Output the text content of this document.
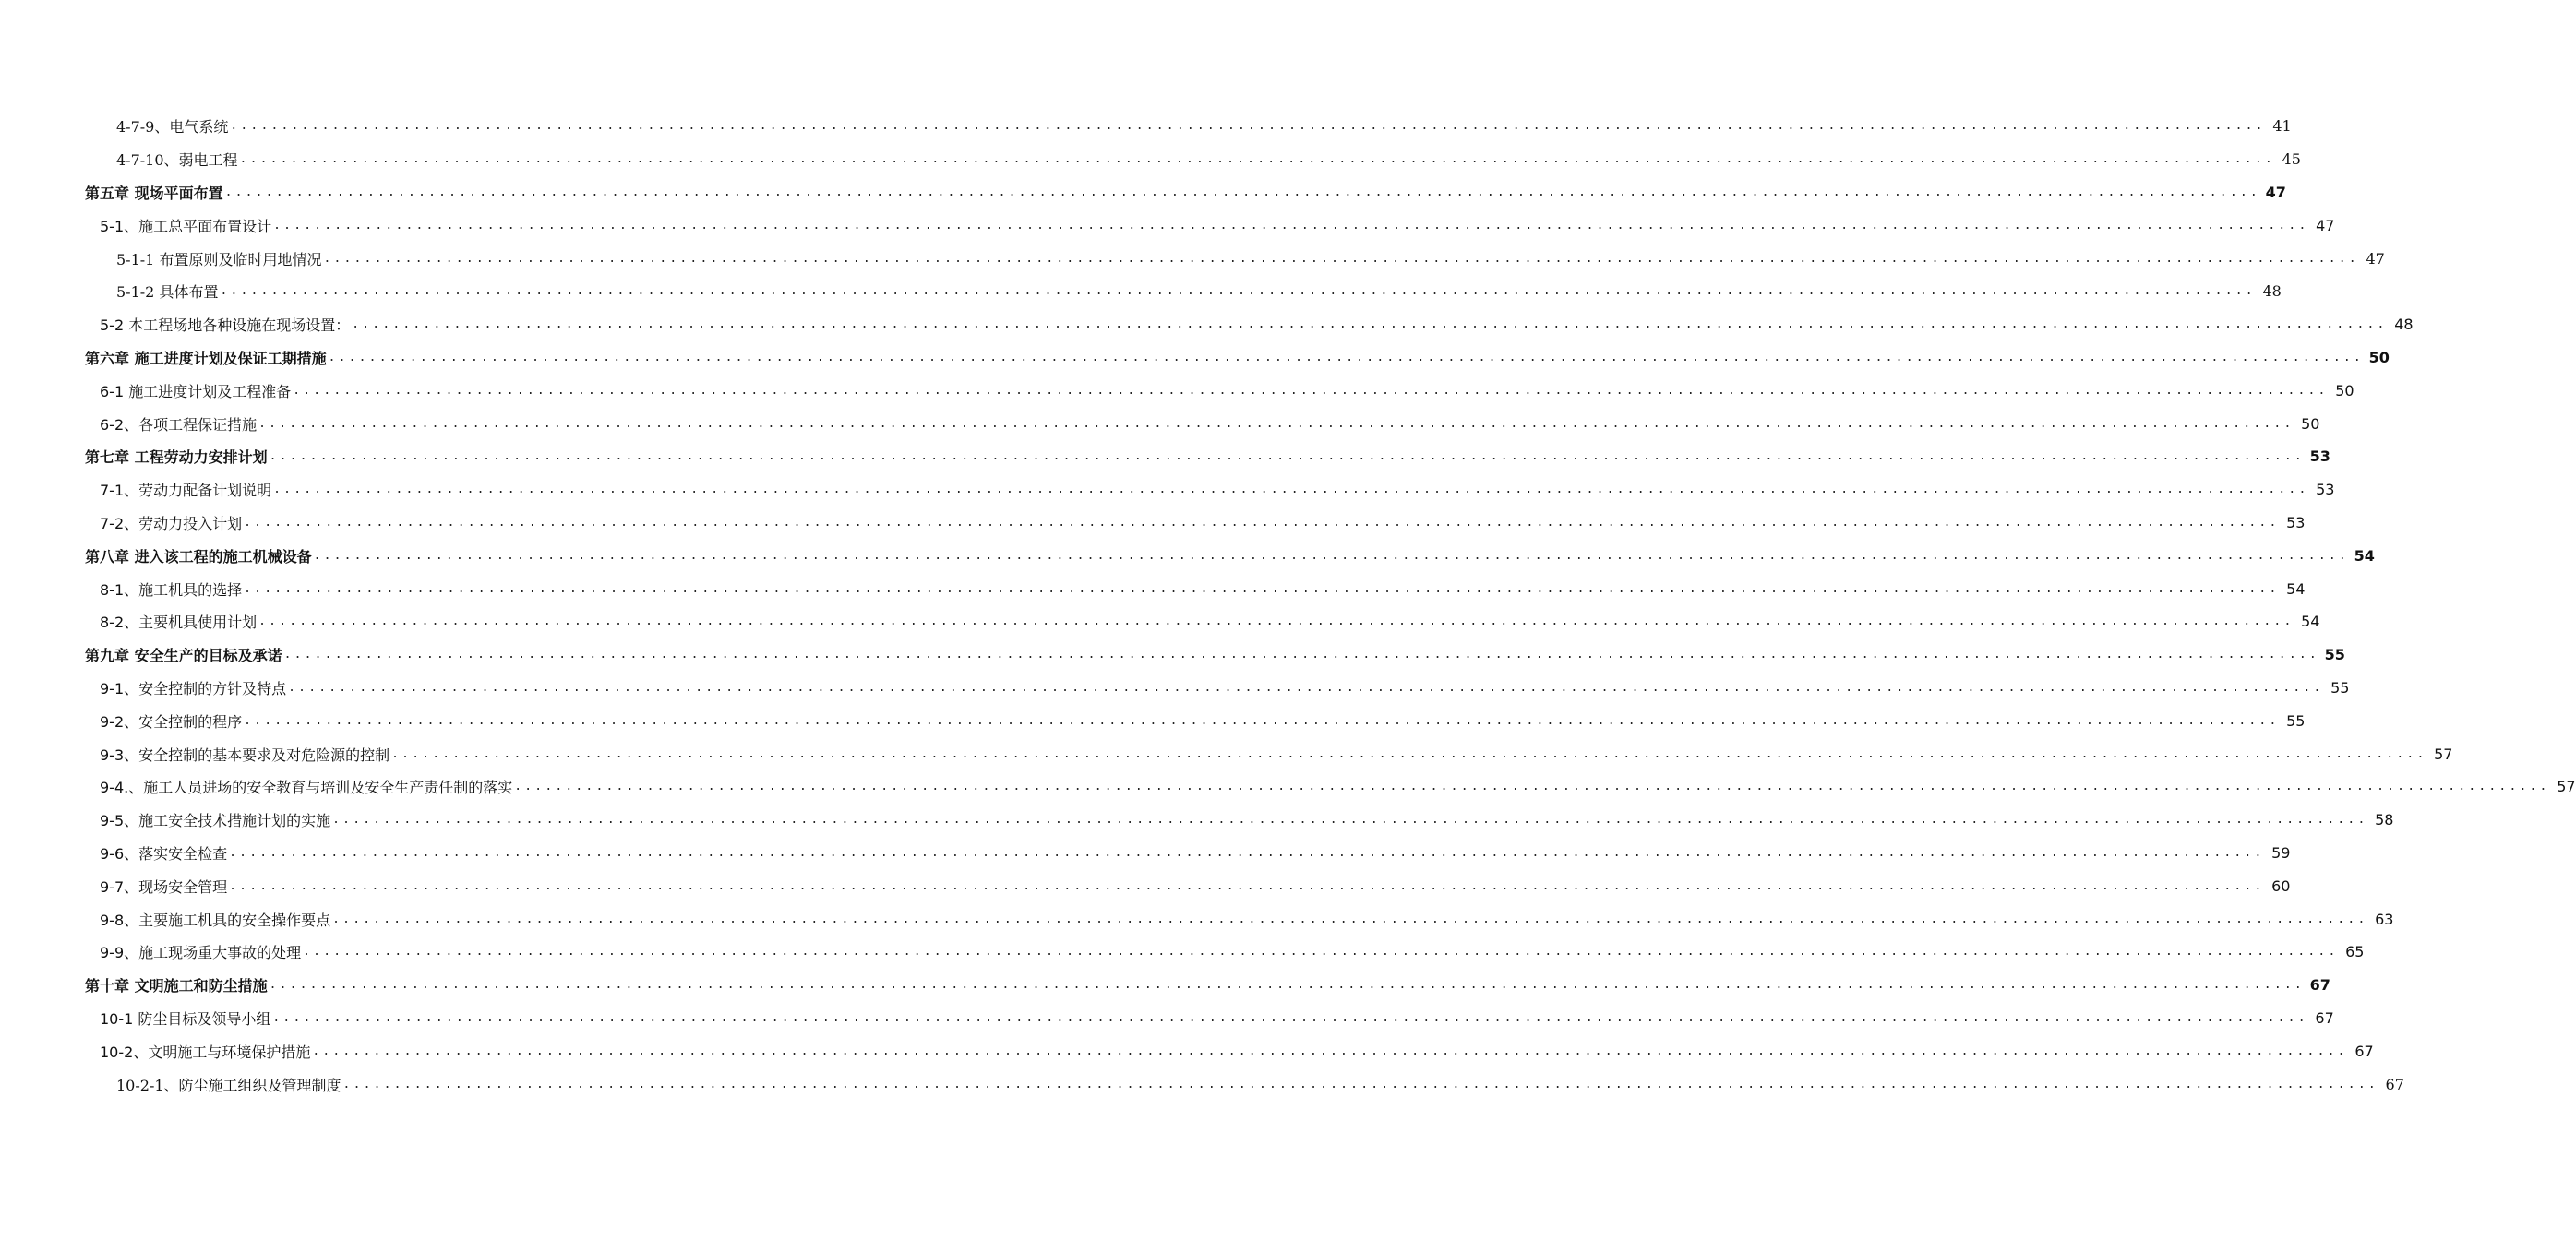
4-7-9、电气系统 ........................................................................................................................................................................................................ 41
4-7-10、弱电工程 ........................................................................................................................................................................................................ 45
第五章 现场平面布置 ........................................................................................................................................................................................................ 47
5-1、施工总平面布置设计 ........................................................................................................................................................................................................ 47
5-1-1 布置原则及临时用地情况 ........................................................................................................................................................................................................ 47
5-1-2 具体布置 ........................................................................................................................................................................................................ 48
5-2 本工程场地各种设施在现场设置： ........................................................................................................................................................................................................ 48
第六章 施工进度计划及保证工期措施 ........................................................................................................................................................................................................ 50
6-1 施工进度计划及工程准备 ........................................................................................................................................................................................................ 50
6-2、各项工程保证措施 ........................................................................................................................................................................................................ 50
第七章 工程劳动力安排计划 ........................................................................................................................................................................................................ 53
7-1、劳动力配备计划说明 ........................................................................................................................................................................................................ 53
7-2、劳动力投入计划 ........................................................................................................................................................................................................ 53
第八章 进入该工程的施工机械设备 ........................................................................................................................................................................................................ 54
8-1、施工机具的选择 ........................................................................................................................................................................................................ 54
8-2、主要机具使用计划 ........................................................................................................................................................................................................ 54
第九章 安全生产的目标及承诺 ........................................................................................................................................................................................................ 55
9-1、安全控制的方针及特点 ........................................................................................................................................................................................................ 55
9-2、安全控制的程序 ........................................................................................................................................................................................................ 55
9-3、安全控制的基本要求及对危险源的控制 ........................................................................................................................................................................................................ 57
9-4.、施工人员进场的安全教育与培训及安全生产责任制的落实 ........................................................................................................................................................................................................ 57
9-5、施工安全技术措施计划的实施 ........................................................................................................................................................................................................ 58
9-6、落实安全检查 ........................................................................................................................................................................................................ 59
9-7、现场安全管理 ........................................................................................................................................................................................................ 60
9-8、主要施工机具的安全操作要点 ........................................................................................................................................................................................................ 63
9-9、施工现场重大事故的处理 ........................................................................................................................................................................................................ 65
第十章 文明施工和防尘措施 ........................................................................................................................................................................................................ 67
10-1 防尘目标及领导小组 ........................................................................................................................................................................................................ 67
10-2、文明施工与环境保护措施 ........................................................................................................................................................................................................ 67
10-2-1、防尘施工组织及管理制度 ........................................................................................................................................................................................................ 67
